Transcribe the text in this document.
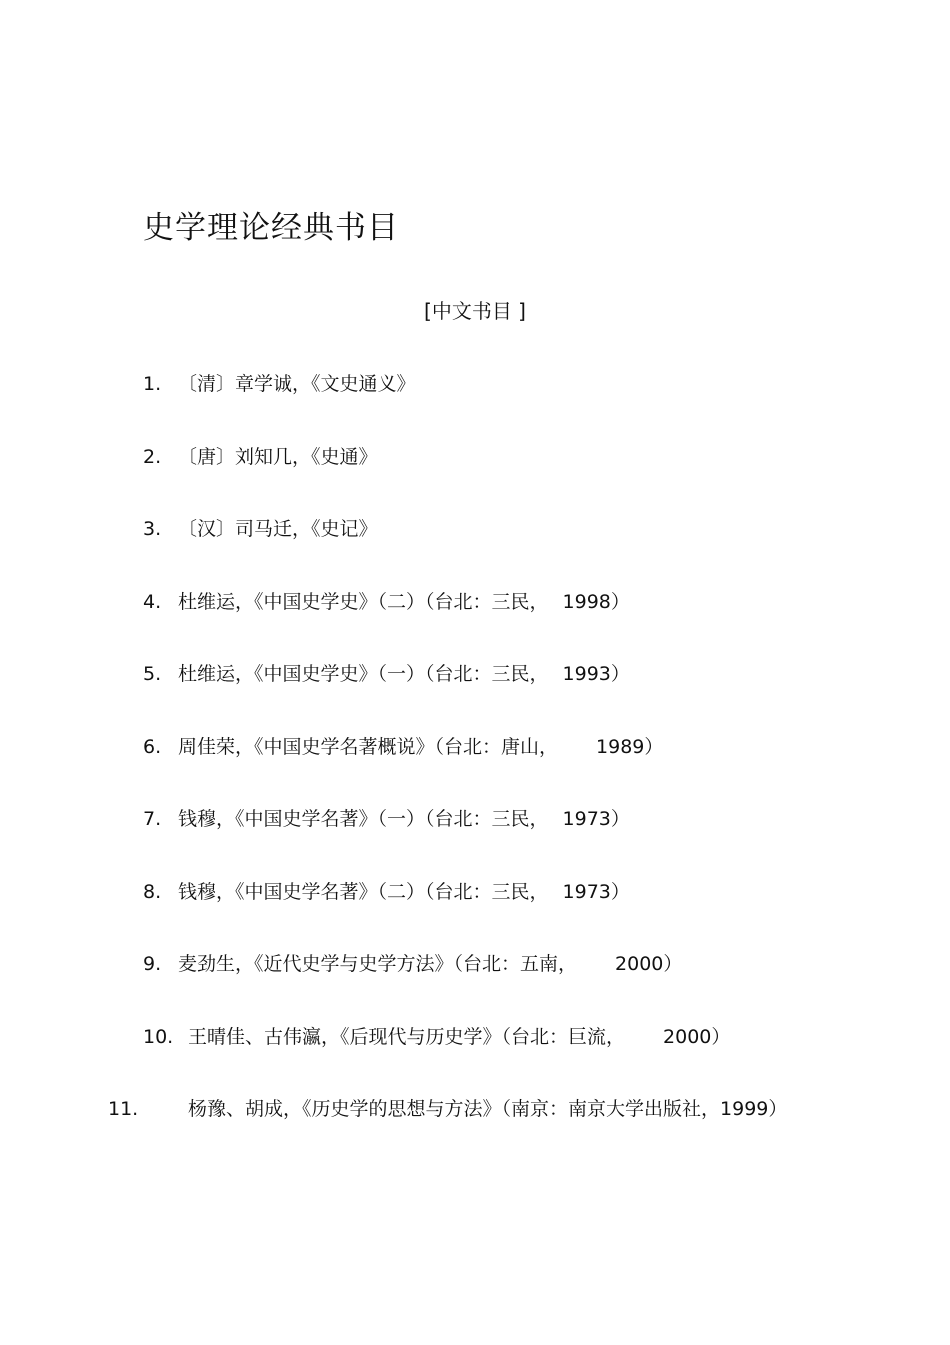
史学理论经典书目
[中文书目 ]
1. 〔清〕章学诚，《文史通义》
2. 〔唐〕刘知几，《史通》
3. 〔汉〕司马迁，《史记》
4. 杜维运，《中国史学史》（二）（台北：三民， 1998）
5. 杜维运，《中国史学史》（一）（台北：三民， 1993）
6. 周佳荣，《中国史学名著概说》（台北：唐山， 1989）
7. 钱穆，《中国史学名著》（一）（台北：三民， 1973）
8. 钱穆，《中国史学名著》（二）（台北：三民， 1973）
9. 麦劲生，《近代史学与史学方法》（台北：五南， 2000）
10. 王晴佳、古伟瀛，《后现代与历史学》（台北：巨流， 2000）
11.	杨豫、胡成，《历史学的思想与方法》（南京：南京大学出版社，1999）
